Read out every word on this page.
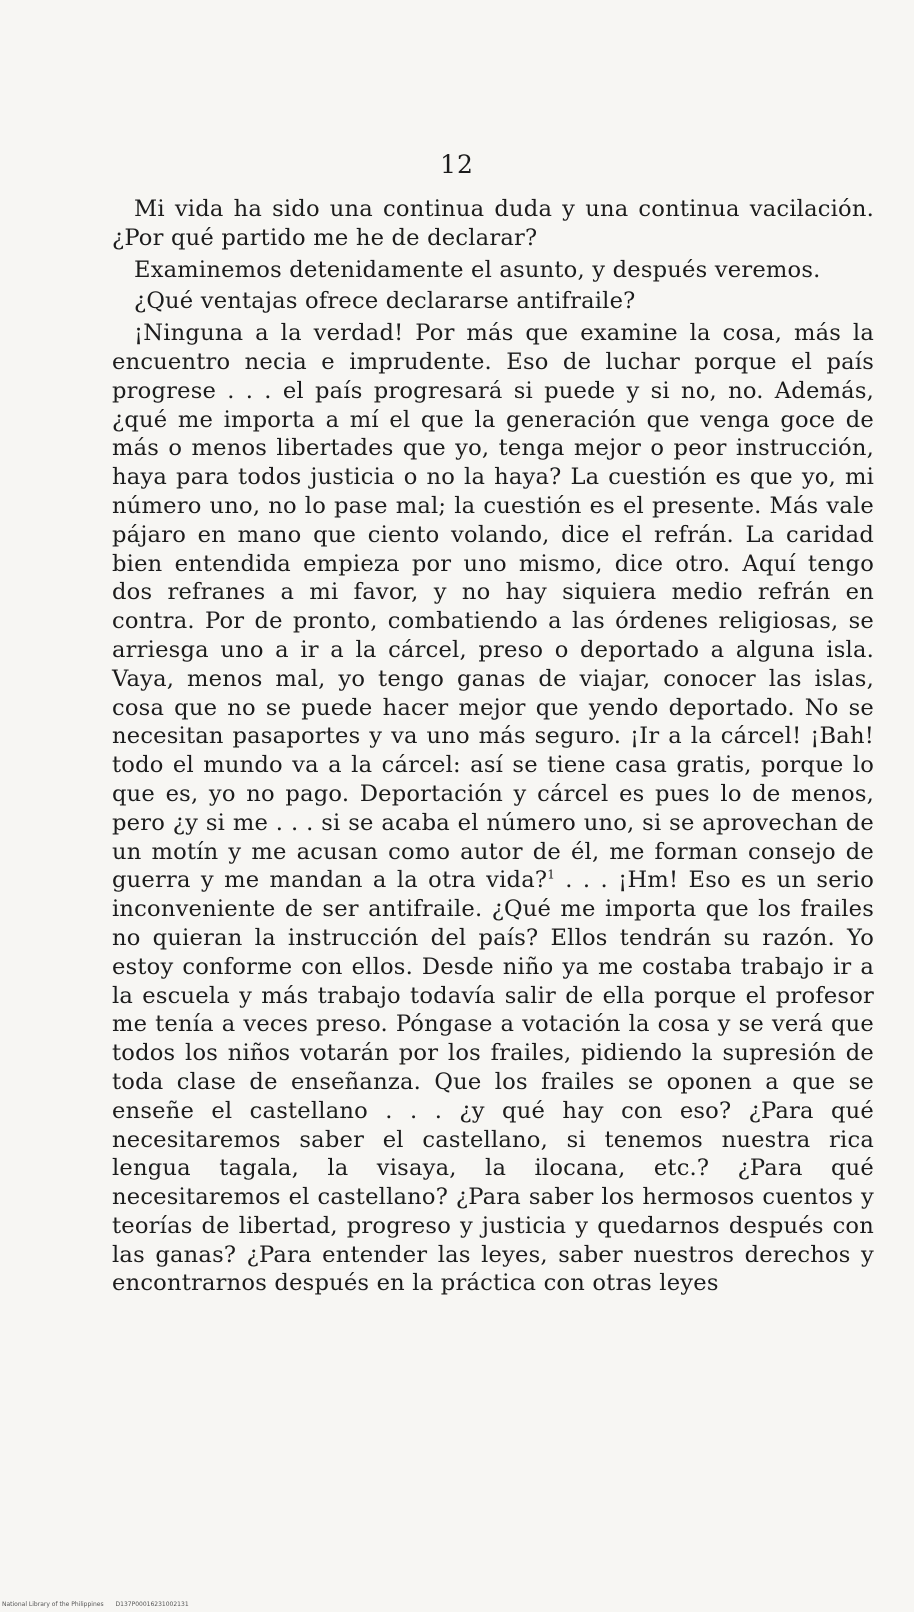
12

Mi vida ha sido una continua duda y una continua vacilación. ¿Por qué partido me he de declarar?

Examinemos detenidamente el asunto, y después veremos.

¿Qué ventajas ofrece declararse antifraile?

¡Ninguna a la verdad! Por más que examine la cosa, más la encuentro necia e imprudente. Eso de luchar porque el país progrese . . . el país progresará si puede y si no, no. Además, ¿qué me importa a mí el que la generación que venga goce de más o menos libertades que yo, tenga mejor o peor instrucción, haya para todos justicia o no la haya? La cuestión es que yo, mi número uno, no lo pase mal; la cuestión es el presente. Más vale pájaro en mano que ciento volando, dice el refrán. La caridad bien entendida empieza por uno mismo, dice otro. Aquí tengo dos refranes a mi favor, y no hay siquiera medio refrán en contra. Por de pronto, combatiendo a las órdenes religiosas, se arriesga uno a ir a la cárcel, preso o deportado a alguna isla. Vaya, menos mal, yo tengo ganas de viajar, conocer las islas, cosa que no se puede hacer mejor que yendo deportado. No se necesitan pasaportes y va uno más seguro. ¡Ir a la cárcel! ¡Bah! todo el mundo va a la cárcel: así se tiene casa gratis, porque lo que es, yo no pago. Deportación y cárcel es pues lo de menos, pero ¿y si me . . . si se acaba el número uno, si se aprovechan de un motín y me acusan como autor de él, me forman consejo de guerra y me mandan a la otra vida?$^1$ . . . ¡Hm! Eso es un serio inconveniente de ser antifraile. ¿Qué me importa que los frailes no quieran la instrucción del país? Ellos tendrán su razón. Yo estoy conforme con ellos. Desde niño ya me costaba trabajo ir a la escuela y más trabajo todavía salir de ella porque el profesor me tenía a veces preso. Póngase a votación la cosa y se verá que todos los niños votarán por los frailes, pidiendo la supresión de toda clase de enseñanza. Que los frailes se oponen a que se enseñe el castellano . . . ¿y qué hay con eso? ¿Para qué necesitaremos saber el castellano, si tenemos nuestra rica lengua tagala, la visaya, la ilocana, etc.? ¿Para qué necesitaremos el castellano? ¿Para saber los hermosos cuentos y teorías de libertad, progreso y justicia y quedarnos después con las ganas? ¿Para entender las leyes, saber nuestros derechos y encontrarnos después en la práctica con otras leyes

National Library of the Philippines D137P00016231002131
